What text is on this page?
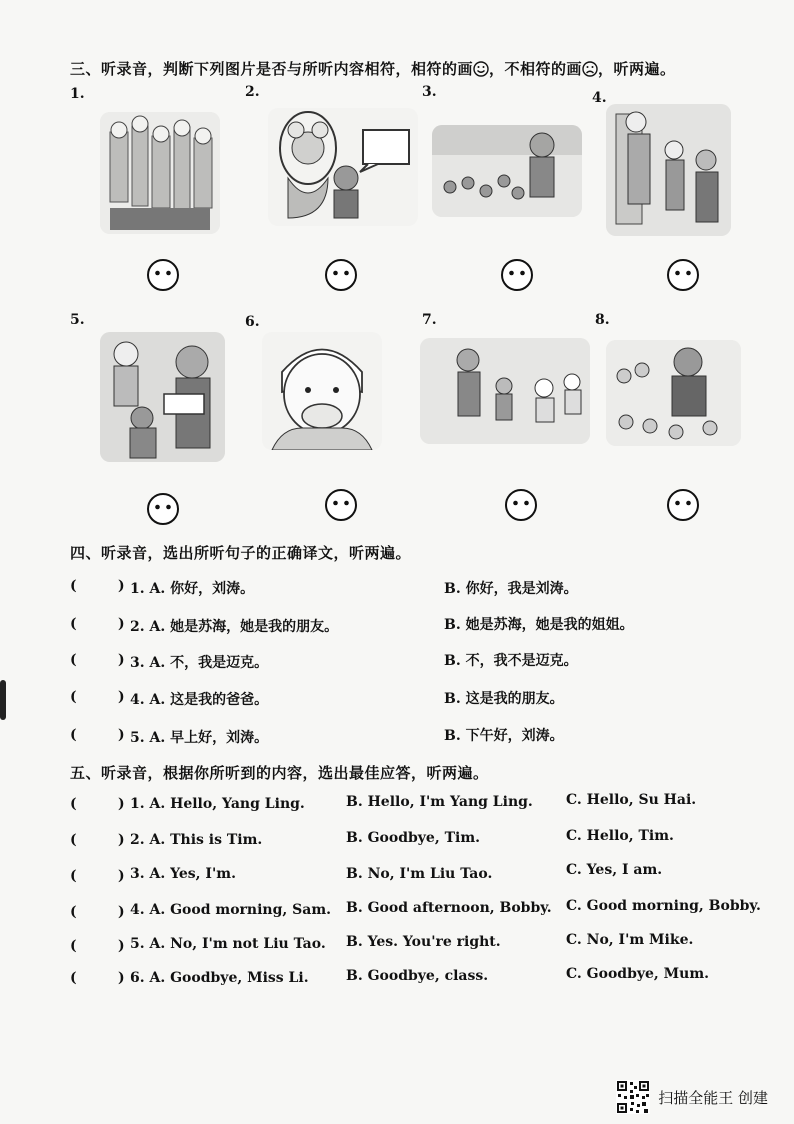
三、听录音，判断下列图片是否与所听内容相符，相符的画 ，不相符的画 ，听两遍。
1.	2.	3.	4.
5.	6.	7.	8.
四、听录音，选出所听句子的正确译文，听两遍。
(	) 1. A. 你好，刘涛。	B. 你好，我是刘涛。
(	) 2. A. 她是苏海，她是我的朋友。	B. 她是苏海，她是我的姐姐。
(	) 3. A. 不，我是迈克。	B. 不，我不是迈克。
(	) 4. A. 这是我的爸爸。	B. 这是我的朋友。
(	) 5. A. 早上好，刘涛。	B. 下午好，刘涛。
五、听录音，根据你所听到的内容，选出最佳应答，听两遍。
(	) 1. A. Hello, Yang Ling.	B. Hello, I'm Yang Ling. C. Hello, Su Hai.
(	) 2. A. This is Tim.	B. Goodbye, Tim.	C. Hello, Tim.
(	) 3. A. Yes, I'm.	B. No, I'm Liu Tao.	C. Yes, I am.
(	) 4. A. Good morning, Sam. B. Good afternoon, Bobby. C. Good morning, Bobby.
(	) 5. A. No, I'm not Liu Tao. B. Yes. You're right.	C. No, I'm Mike.
(	) 6. A. Goodbye, Miss Li.	B. Goodbye, class.	C. Goodbye, Mum.
扫描全能王 创建
